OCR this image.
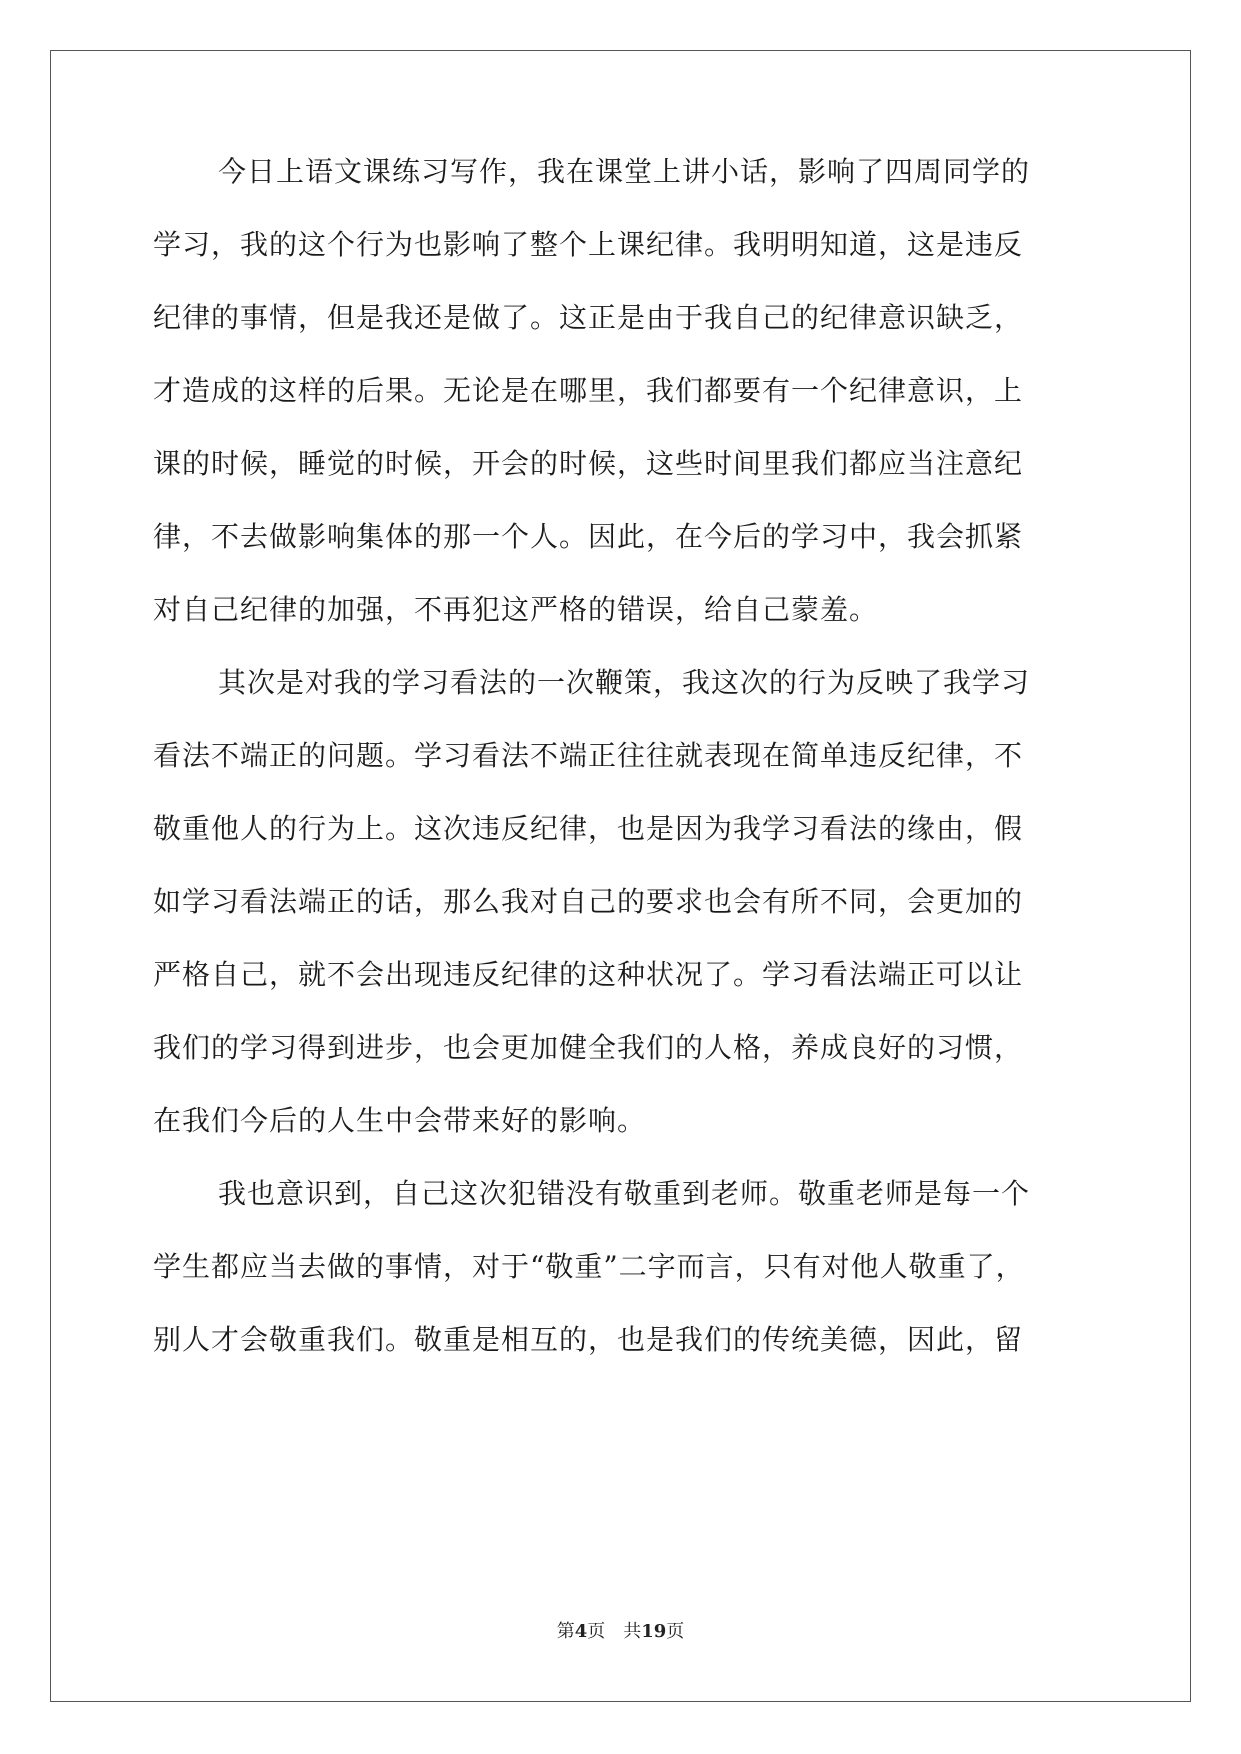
今日上语文课练习写作，我在课堂上讲小话，影响了四周同学的
学习，我的这个行为也影响了整个上课纪律。我明明知道，这是违反
纪律的事情，但是我还是做了。这正是由于我自己的纪律意识缺乏，
才造成的这样的后果。无论是在哪里，我们都要有一个纪律意识，上
课的时候，睡觉的时候，开会的时候，这些时间里我们都应当注意纪
律，不去做影响集体的那一个人。因此，在今后的学习中，我会抓紧
对自己纪律的加强，不再犯这严格的错误，给自己蒙羞。
其次是对我的学习看法的一次鞭策，我这次的行为反映了我学习
看法不端正的问题。学习看法不端正往往就表现在简单违反纪律，不
敬重他人的行为上。这次违反纪律，也是因为我学习看法的缘由，假
如学习看法端正的话，那么我对自己的要求也会有所不同，会更加的
严格自己，就不会出现违反纪律的这种状况了。学习看法端正可以让
我们的学习得到进步，也会更加健全我们的人格，养成良好的习惯，
在我们今后的人生中会带来好的影响。
我也意识到，自己这次犯错没有敬重到老师。敬重老师是每一个
学生都应当去做的事情，对于“敬重”二字而言，只有对他人敬重了，
别人才会敬重我们。敬重是相互的，也是我们的传统美德，因此，留
第4页 共19页
